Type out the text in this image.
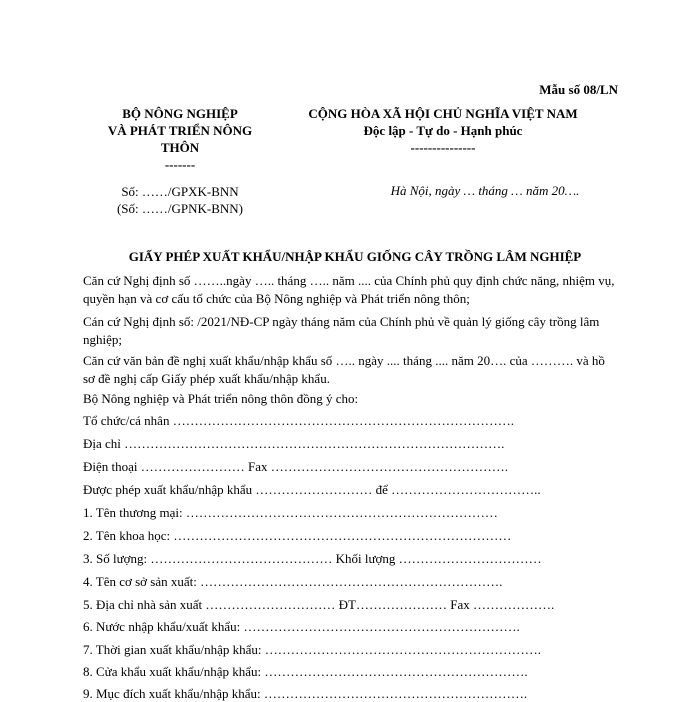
Mẫu số 08/LN
BỘ NÔNG NGHIỆP
VÀ PHÁT TRIỂN NÔNG
THÔN
-------
CỘNG HÒA XÃ HỘI CHỦ NGHĨA VIỆT NAM
Độc lập - Tự do - Hạnh phúc
---------------
Số: ……/GPXK-BNN
(Số: ……/GPNK-BNN)
Hà Nội, ngày … tháng … năm 20….
GIẤY PHÉP XUẤT KHẨU/NHẬP KHẨU GIỐNG CÂY TRỒNG LÂM NGHIỆP
Căn cứ Nghị định số ……..ngày ….. tháng ….. năm .... của Chính phủ quy định chức năng, nhiệm vụ, quyền hạn và cơ cấu tổ chức của Bộ Nông nghiệp và Phát triển nông thôn;
Cán cứ Nghị định số: /2021/NĐ-CP ngày tháng năm của Chính phủ về quản lý giống cây trồng lâm nghiệp;
Căn cứ văn bản đề nghị xuất khẩu/nhập khẩu số ….. ngày .... tháng .... năm 20…. của ………. và hồ sơ đề nghị cấp Giấy phép xuất khẩu/nhập khẩu.
Bộ Nông nghiệp và Phát triển nông thôn đồng ý cho:
Tổ chức/cá nhân …………………………………………………………………….
Địa chỉ …………………………………………………………………………….
Điện thoại …………………… Fax ……………………………………………….
Được phép xuất khẩu/nhập khẩu ……………………… để ……………………………..
1. Tên thương mại: ………………………………………………………………
2. Tên khoa học: ……………………………………………………………………
3. Số lượng: …………………………………… Khối lượng ……………………………
4. Tên cơ sở sản xuất: …………………………………………………………….
5. Địa chỉ nhà sản xuất ………………………… ĐT………………… Fax ……………….
6. Nước nhập khẩu/xuất khẩu: ……………………………………………………….
7. Thời gian xuất khẩu/nhập khẩu: ……………………………………………………….
8. Cửa khẩu xuất khẩu/nhập khẩu: …………………………………………………….
9. Mục đích xuất khẩu/nhập khẩu: …………………………………………………….
